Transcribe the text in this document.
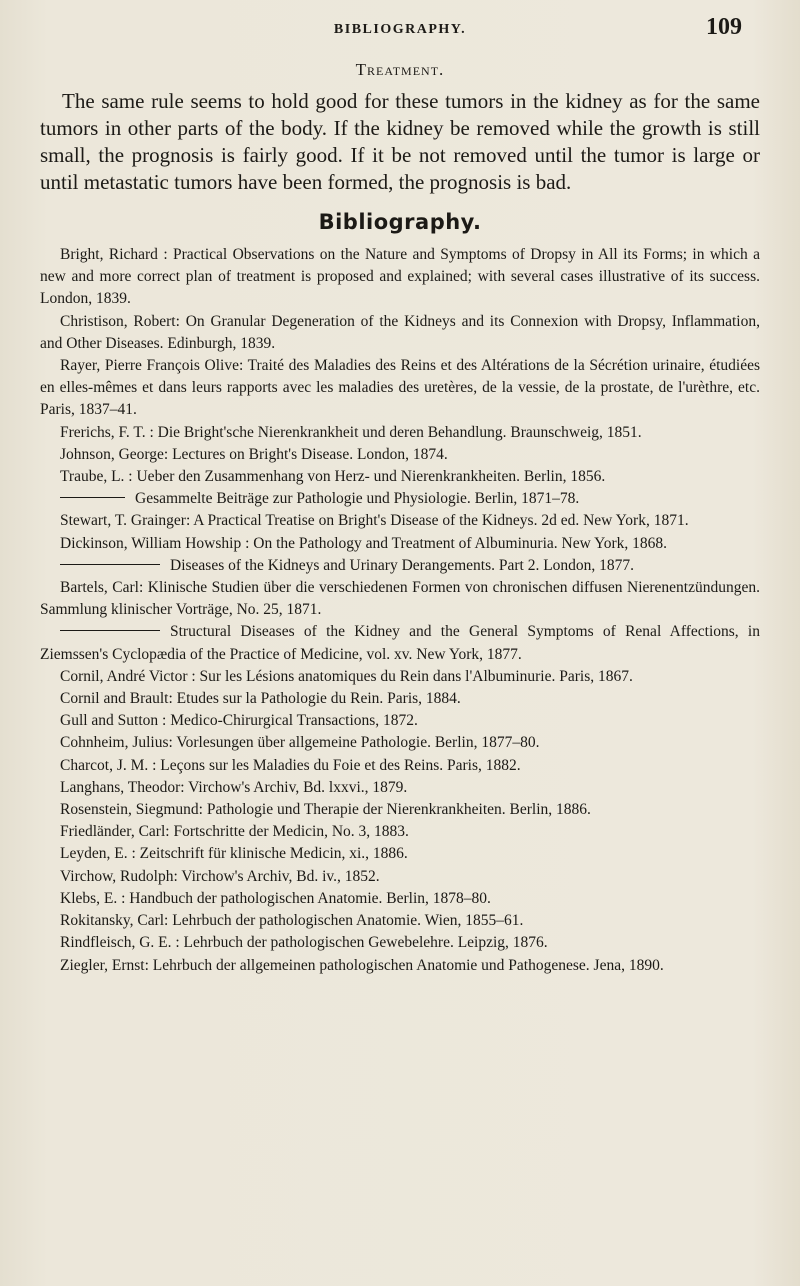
BIBLIOGRAPHY.	109
Treatment.

The same rule seems to hold good for these tumors in the kidney as for the same tumors in other parts of the body. If the kidney be removed while the growth is still small, the prognosis is fairly good. If it be not removed until the tumor is large or until metastatic tumors have been formed, the prognosis is bad.

Bibliography.

Bright, Richard : Practical Observations on the Nature and Symptoms of Dropsy in All its Forms; in which a new and more correct plan of treatment is proposed and explained; with several cases illustrative of its success. London, 1839.

Christison, Robert: On Granular Degeneration of the Kidneys and its Connexion with Dropsy, Inflammation, and Other Diseases. Edinburgh, 1839.

Rayer, Pierre François Olive: Traité des Maladies des Reins et des Altérations de la Sécrétion urinaire, étudiées en elles-mêmes et dans leurs rapports avec les maladies des uretères, de la vessie, de la prostate, de l'urèthre, etc. Paris, 1837–41.

Frerichs, F. T. : Die Bright'sche Nierenkrankheit und deren Behandlung. Braunschweig, 1851.

Johnson, George: Lectures on Bright's Disease. London, 1874.

Traube, L. : Ueber den Zusammenhang von Herz- und Nierenkrankheiten. Berlin, 1856.

Gesammelte Beiträge zur Pathologie und Physiologie. Berlin, 1871–78.

Stewart, T. Grainger: A Practical Treatise on Bright's Disease of the Kidneys. 2d ed. New York, 1871.

Dickinson, William Howship : On the Pathology and Treatment of Albuminuria. New York, 1868.

Diseases of the Kidneys and Urinary Derangements. Part 2. London, 1877.

Bartels, Carl: Klinische Studien über die verschiedenen Formen von chronischen diffusen Nierenentzündungen. Sammlung klinischer Vorträge, No. 25, 1871.

Structural Diseases of the Kidney and the General Symptoms of Renal Affections, in Ziemssen's Cyclopædia of the Practice of Medicine, vol. xv. New York, 1877.

Cornil, André Victor : Sur les Lésions anatomiques du Rein dans l'Albuminurie. Paris, 1867.

Cornil and Brault: Etudes sur la Pathologie du Rein. Paris, 1884.

Gull and Sutton : Medico-Chirurgical Transactions, 1872.

Cohnheim, Julius: Vorlesungen über allgemeine Pathologie. Berlin, 1877–80.

Charcot, J. M. : Leçons sur les Maladies du Foie et des Reins. Paris, 1882.

Langhans, Theodor: Virchow's Archiv, Bd. lxxvi., 1879.

Rosenstein, Siegmund: Pathologie und Therapie der Nierenkrankheiten. Berlin, 1886.

Friedländer, Carl: Fortschritte der Medicin, No. 3, 1883.

Leyden, E. : Zeitschrift für klinische Medicin, xi., 1886.

Virchow, Rudolph: Virchow's Archiv, Bd. iv., 1852.

Klebs, E. : Handbuch der pathologischen Anatomie. Berlin, 1878–80.

Rokitansky, Carl: Lehrbuch der pathologischen Anatomie. Wien, 1855–61.

Rindfleisch, G. E. : Lehrbuch der pathologischen Gewebelehre. Leipzig, 1876.

Ziegler, Ernst: Lehrbuch der allgemeinen pathologischen Anatomie und Pathogenese. Jena, 1890.
